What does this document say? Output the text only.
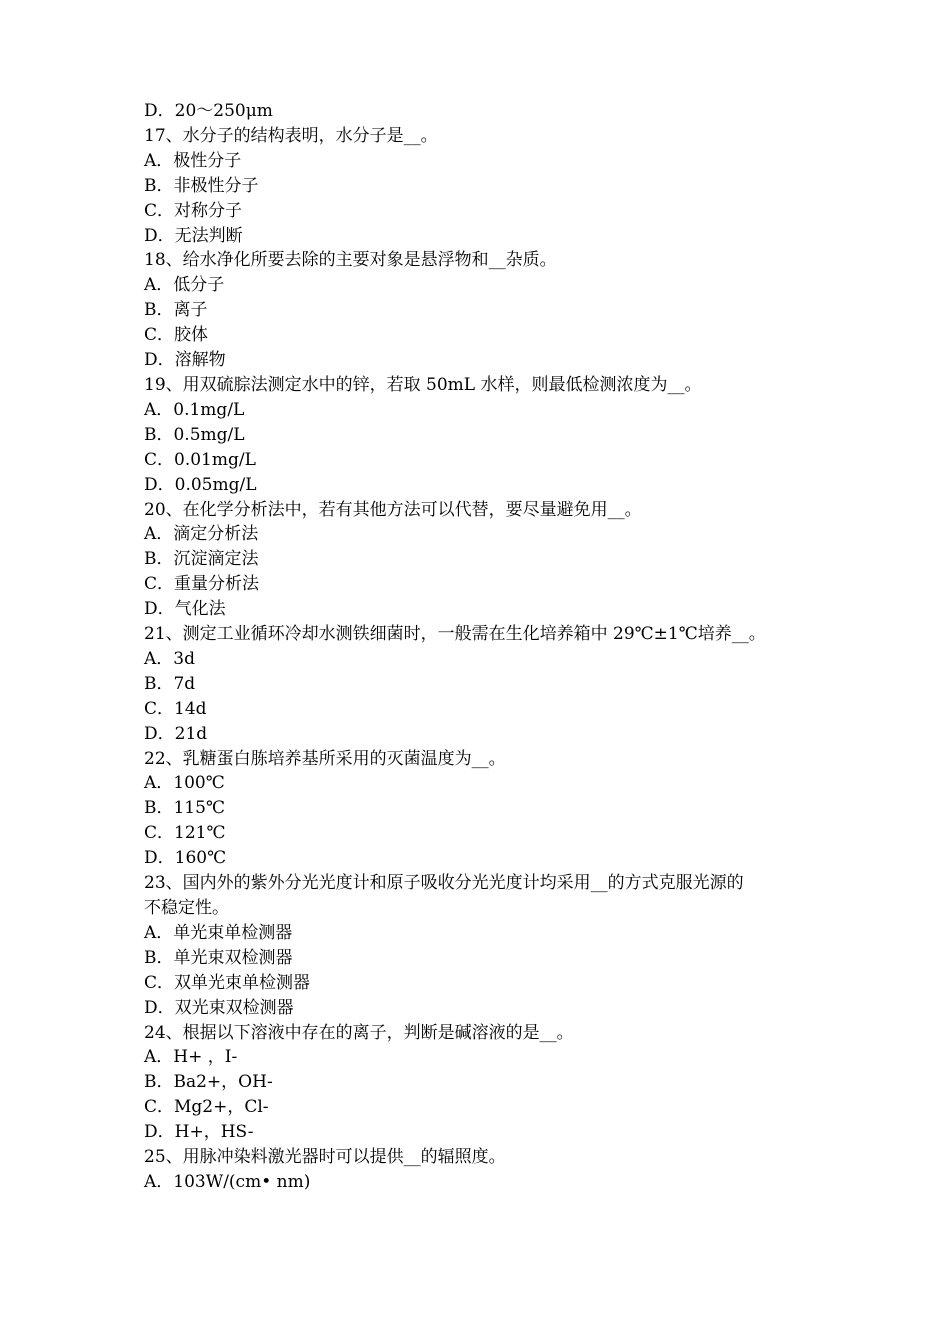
D．20～250μm
17、水分子的结构表明，水分子是__。
A．极性分子
B．非极性分子
C．对称分子
D．无法判断
18、给水净化所要去除的主要对象是悬浮物和__杂质。
A．低分子
B．离子
C．胶体
D．溶解物
19、用双硫腙法测定水中的锌，若取 50mL 水样，则最低检测浓度为__。
A．0.1mg/L
B．0.5mg/L
C．0.01mg/L
D．0.05mg/L
20、在化学分析法中，若有其他方法可以代替，要尽量避免用__。
A．滴定分析法
B．沉淀滴定法
C．重量分析法
D．气化法
21、测定工业循环冷却水测铁细菌时，一般需在生化培养箱中 29℃±1℃培养__。
A．3d
B．7d
C．14d
D．21d
22、乳糖蛋白胨培养基所采用的灭菌温度为__。
A．100℃
B．115℃
C．121℃
D．160℃
23、国内外的紫外分光光度计和原子吸收分光光度计均采用__的方式克服光源的
不稳定性。
A．单光束单检测器
B．单光束双检测器
C．双单光束单检测器
D．双光束双检测器
24、根据以下溶液中存在的离子，判断是碱溶液的是__。
A．H+ ，I-
B．Ba2+，OH-
C．Mg2+，Cl-
D．H+，HS-
25、用脉冲染料激光器时可以提供__的辐照度。
A．103W/(cm• nm)
